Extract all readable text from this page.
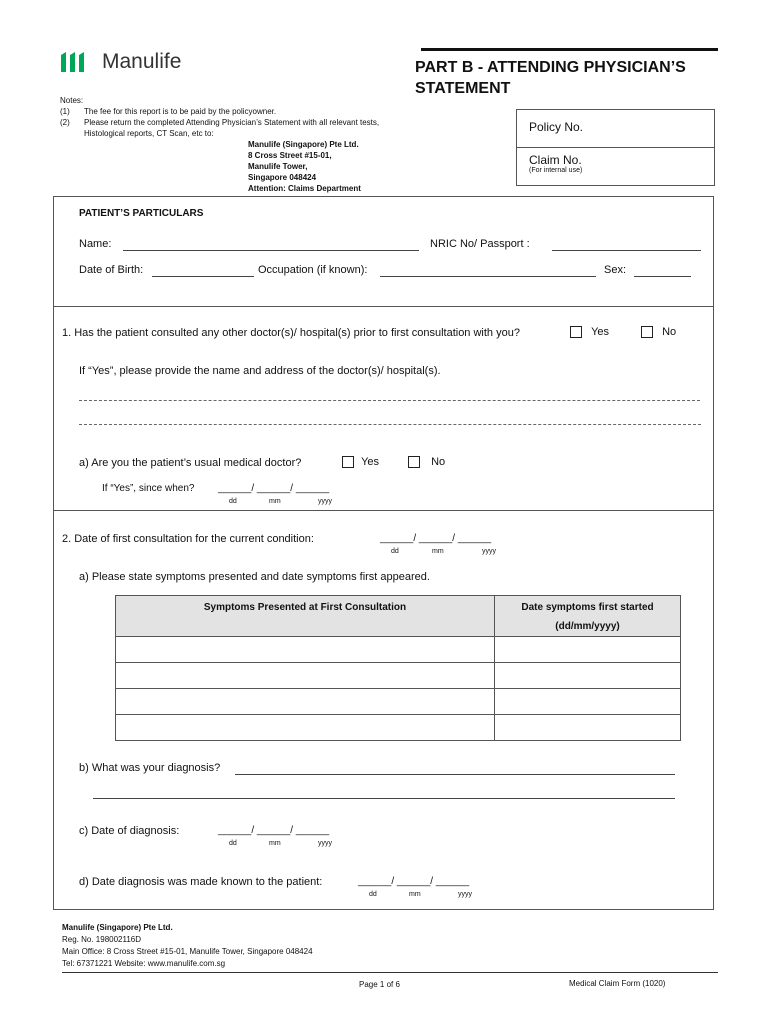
Manulife	PART B - ATTENDING PHYSICIAN’S
STATEMENT
Notes:
(1) The fee for this report is to be paid by the policyowner.
(2) Please return the completed Attending Physician’s Statement with all relevant tests,
Histological reports, CT Scan, etc to:
Manulife (Singapore) Pte Ltd.
8 Cross Street #15-01,
Manulife Tower,
Singapore 048424
Attention: Claims Department
Policy No.
Claim No.
(For internal use)
PATIENT’S PARTICULARS
Name:	NRIC No/ Passport :
Date of Birth:	Occupation (if known):	Sex:
1. Has the patient consulted any other doctor(s)/ hospital(s) prior to first consultation with you?	Yes	No
If “Yes”, please provide the name and address of the doctor(s)/ hospital(s).
a) Are you the patient’s usual medical doctor?	Yes	No
If “Yes”, since when? ______/ ______/ ______
dd	mm	yyyy
2. Date of first consultation for the current condition:	______/ ______/ ______
dd	mm	yyyy
a) Please state symptoms presented and date symptoms first appeared.
Symptoms Presented at First Consultation	Date symptoms first started
(dd/mm/yyyy)

b) What was your diagnosis?
c) Date of diagnosis:	______/ ______/ ______
dd	mm	yyyy
d) Date diagnosis was made known to the patient:	______/ ______/ ______
dd	mm	yyyy
Manulife (Singapore) Pte Ltd.
Reg. No. 198002116D
Main Office: 8 Cross Street #15-01, Manulife Tower, Singapore 048424
Tel: 67371221 Website: www.manulife.com.sg
Page 1 of 6	Medical Claim Form (1020)
